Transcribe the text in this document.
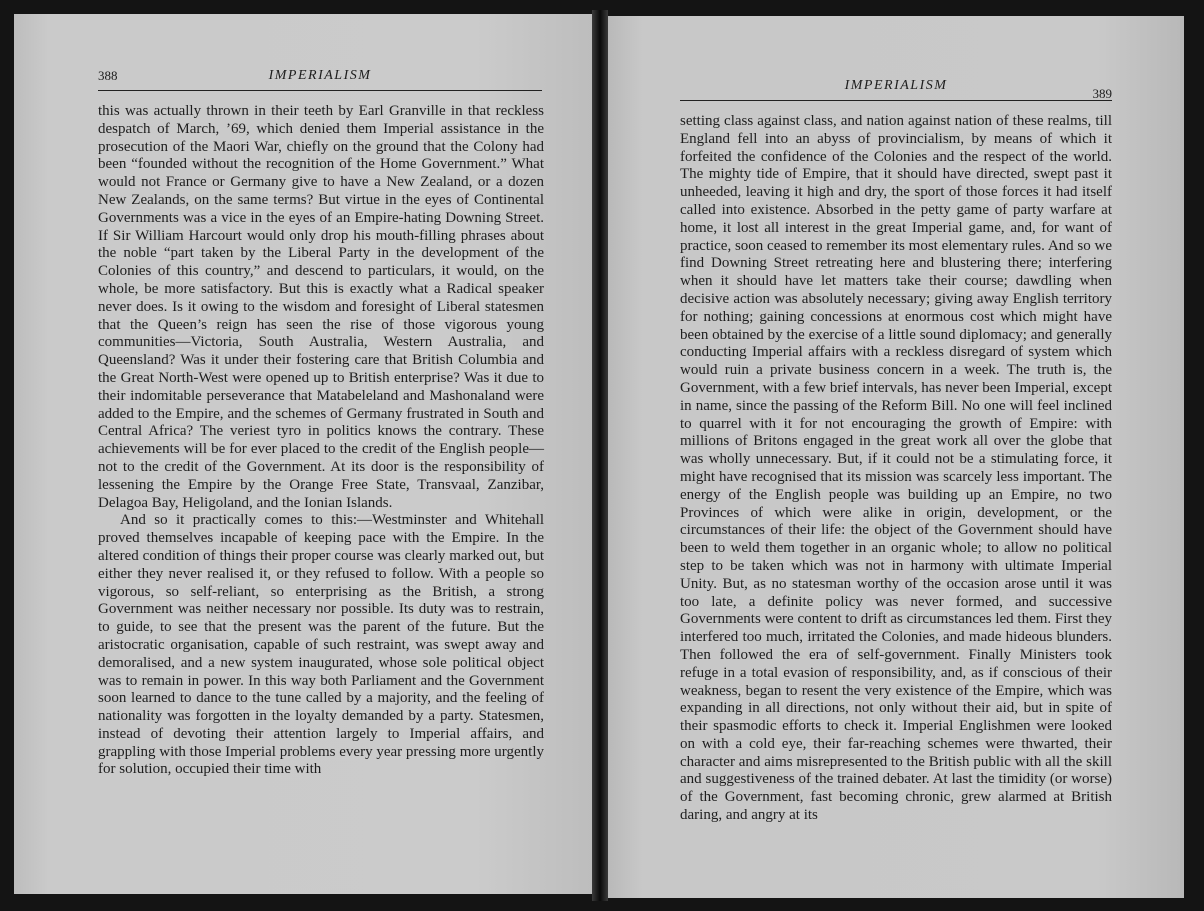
388	IMPERIALISM

this was actually thrown in their teeth by Earl Granville in that reckless despatch of March, ’69, which denied them Imperial assistance in the prosecution of the Maori War, chiefly on the ground that the Colony had been “founded without the recognition of the Home Government.” What would not France or Germany give to have a New Zealand, or a dozen New Zealands, on the same terms? But virtue in the eyes of Continental Governments was a vice in the eyes of an Empire-hating Downing Street. If Sir William Harcourt would only drop his mouth-filling phrases about the noble “part taken by the Liberal Party in the development of the Colonies of this country,” and descend to particulars, it would, on the whole, be more satisfactory. But this is exactly what a Radical speaker never does. Is it owing to the wisdom and foresight of Liberal statesmen that the Queen’s reign has seen the rise of those vigorous young communities—Victoria, South Australia, Western Australia, and Queensland? Was it under their fostering care that British Columbia and the Great North-West were opened up to British enterprise? Was it due to their indomitable perseverance that Matabeleland and Mashonaland were added to the Empire, and the schemes of Germany frustrated in South and Central Africa? The veriest tyro in politics knows the contrary. These achievements will be for ever placed to the credit of the English people—not to the credit of the Government. At its door is the responsibility of lessening the Empire by the Orange Free State, Transvaal, Zanzibar, Delagoa Bay, Heligoland, and the Ionian Islands.

And so it practically comes to this:—Westminster and Whitehall proved themselves incapable of keeping pace with the Empire. In the altered condition of things their proper course was clearly marked out, but either they never realised it, or they refused to follow. With a people so vigorous, so self-reliant, so enterprising as the British, a strong Government was neither necessary nor possible. Its duty was to restrain, to guide, to see that the present was the parent of the future. But the aristocratic organisation, capable of such restraint, was swept away and demoralised, and a new system inaugurated, whose sole political object was to remain in power. In this way both Parliament and the Government soon learned to dance to the tune called by a majority, and the feeling of nationality was forgotten in the loyalty demanded by a party. Statesmen, instead of devoting their attention largely to Imperial affairs, and grappling with those Imperial problems every year pressing more urgently for solution, occupied their time with

IMPERIALISM
389

setting class against class, and nation against nation of these realms, till England fell into an abyss of provincialism, by means of which it forfeited the confidence of the Colonies and the respect of the world. The mighty tide of Empire, that it should have directed, swept past it unheeded, leaving it high and dry, the sport of those forces it had itself called into existence. Absorbed in the petty game of party warfare at home, it lost all interest in the great Imperial game, and, for want of practice, soon ceased to remember its most elementary rules. And so we find Downing Street retreating here and blustering there; interfering when it should have let matters take their course; dawdling when decisive action was absolutely necessary; giving away English territory for nothing; gaining concessions at enormous cost which might have been obtained by the exercise of a little sound diplomacy; and generally conducting Imperial affairs with a reckless disregard of system which would ruin a private business concern in a week. The truth is, the Government, with a few brief intervals, has never been Imperial, except in name, since the passing of the Reform Bill. No one will feel inclined to quarrel with it for not encouraging the growth of Empire: with millions of Britons engaged in the great work all over the globe that was wholly unnecessary. But, if it could not be a stimulating force, it might have recognised that its mission was scarcely less important. The energy of the English people was building up an Empire, no two Provinces of which were alike in origin, development, or the circumstances of their life: the object of the Government should have been to weld them together in an organic whole; to allow no political step to be taken which was not in harmony with ultimate Imperial Unity. But, as no statesman worthy of the occasion arose until it was too late, a definite policy was never formed, and successive Governments were content to drift as circumstances led them. First they interfered too much, irritated the Colonies, and made hideous blunders. Then followed the era of self-government. Finally Ministers took refuge in a total evasion of responsibility, and, as if conscious of their weakness, began to resent the very existence of the Empire, which was expanding in all directions, not only without their aid, but in spite of their spasmodic efforts to check it. Imperial Englishmen were looked on with a cold eye, their far-reaching schemes were thwarted, their character and aims misrepresented to the British public with all the skill and suggestiveness of the trained debater. At last the timidity (or worse) of the Government, fast becoming chronic, grew alarmed at British daring, and angry at its
